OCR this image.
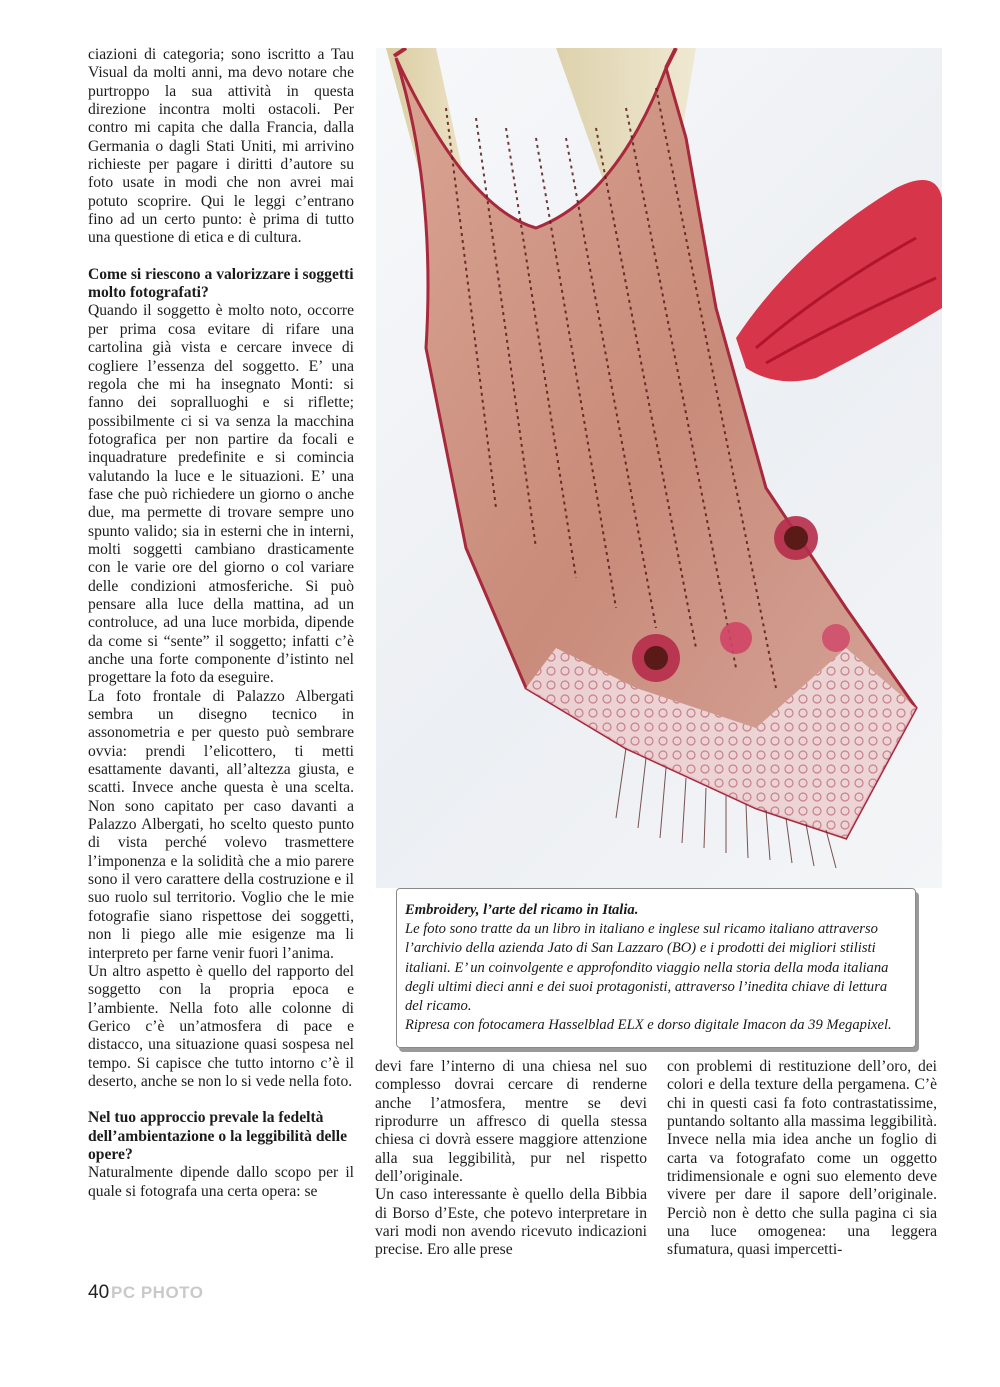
ciazioni di categoria; sono iscritto a Tau Visual da molti anni, ma devo notare che purtroppo la sua attività in questa direzione incontra molti ostacoli. Per contro mi capita che dalla Francia, dalla Germania o dagli Stati Uniti, mi arrivino richieste per pagare i diritti d’autore su foto usate in modi che non avrei mai potuto scoprire. Qui le leggi c’entrano fino ad un certo punto: è prima di tutto una questione di etica e di cultura.

Come si riescono a valorizzare i soggetti molto fotografati?

Quando il soggetto è molto noto, occorre per prima cosa evitare di rifare una cartolina già vista e cercare invece di cogliere l’essenza del soggetto. E’ una regola che mi ha insegnato Monti: si fanno dei sopralluoghi e si riflette; possibilmente ci si va senza la macchina fotografica per non partire da focali e inquadrature predefinite e si comincia valutando la luce e le situazioni. E’ una fase che può richiedere un giorno o anche due, ma permette di trovare sempre uno spunto valido; sia in esterni che in interni, molti soggetti cambiano drasticamente con le varie ore del giorno o col variare delle condizioni atmosferiche. Si può pensare alla luce della mattina, ad un controluce, ad una luce morbida, dipende da come si “sente” il soggetto; infatti c’è anche una forte componente d’istinto nel progettare la foto da eseguire.

La foto frontale di Palazzo Albergati sembra un disegno tecnico in assonometria e per questo può sembrare ovvia: prendi l’elicottero, ti metti esattamente davanti, all’altezza giusta, e scatti. Invece anche questa è una scelta. Non sono capitato per caso davanti a Palazzo Albergati, ho scelto questo punto di vista perché volevo trasmettere l’imponenza e la solidità che a mio parere sono il vero carattere della costruzione e il suo ruolo sul territorio. Voglio che le mie fotografie siano rispettose dei soggetti, non li piego alle mie esigenze ma li interpreto per farne venir fuori l’anima.

Un altro aspetto è quello del rapporto del soggetto con la propria epoca e l’ambiente. Nella foto alle colonne di Gerico c’è un’atmosfera di pace e distacco, una situazione quasi sospesa nel tempo. Si capisce che tutto intorno c’è il deserto, anche se non lo si vede nella foto.

Nel tuo approccio prevale la fedeltà dell’ambientazione o la leggibilità delle opere?

Naturalmente dipende dallo scopo per il quale si fotografa una certa opera: se

Embroidery, l’arte del ricamo in Italia.
Le foto sono tratte da un libro in italiano e inglese sul ricamo italiano attraverso l’archivio della azienda Jato di San Lazzaro (BO) e i prodotti dei migliori stilisti italiani. E’ un coinvolgente e approfondito viaggio nella storia della moda italiana degli ultimi dieci anni e dei suoi protagonisti, attraverso l’inedita chiave di lettura del ricamo.
Ripresa con fotocamera Hasselblad ELX e dorso digitale Imacon da 39 Megapixel.

devi fare l’interno di una chiesa nel suo complesso dovrai cercare di renderne anche l’atmosfera, mentre se devi riprodurre un affresco di quella stessa chiesa ci dovrà essere maggiore attenzione alla sua leggibilità, pur nel rispetto dell’originale.

Un caso interessante è quello della Bibbia di Borso d’Este, che potevo interpretare in vari modi non avendo ricevuto indicazioni precise. Ero alle prese

con problemi di restituzione dell’oro, dei colori e della texture della pergamena. C’è chi in questi casi fa foto contrastatissime, puntando soltanto alla massima leggibilità. Invece nella mia idea anche un foglio di carta va fotografato come un oggetto tridimensionale e ogni suo elemento deve vivere per dare il sapore dell’originale. Perciò non è detto che sulla pagina ci sia una luce omogenea: una leggera sfumatura, quasi impercetti-

40 PC PHOTO
